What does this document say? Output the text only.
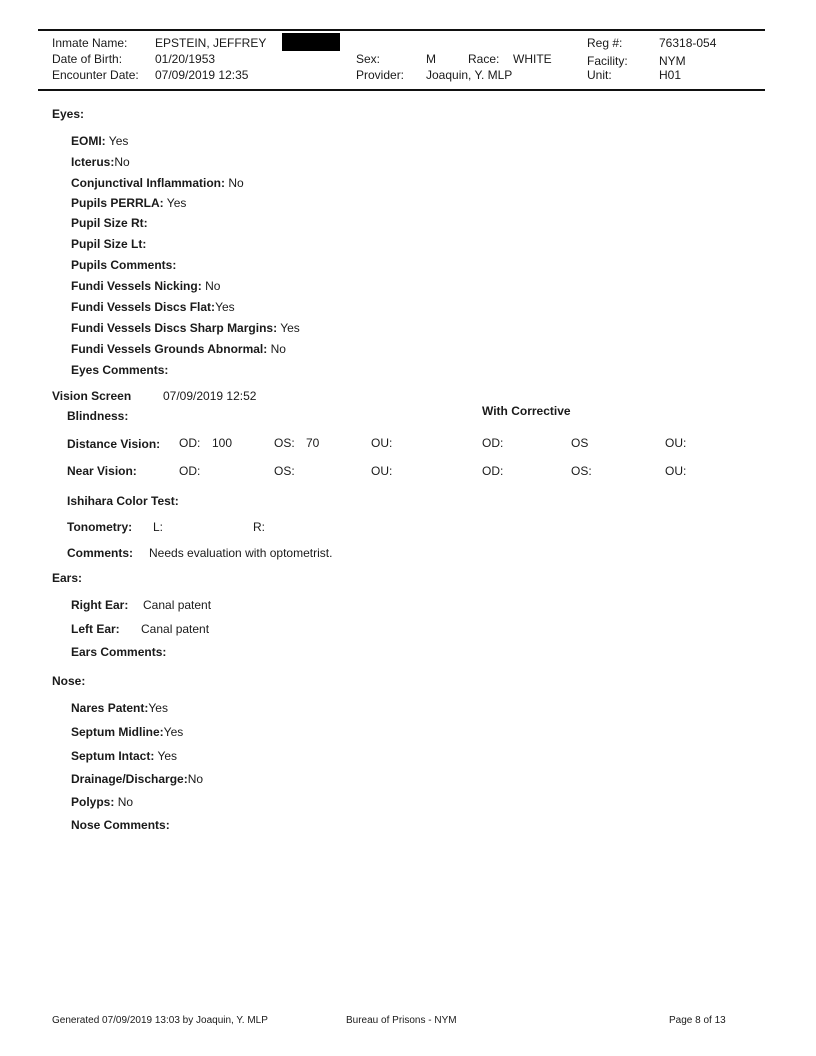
Inmate Name: EPSTEIN, JEFFREY
Date of Birth:	01/20/1953
Encounter Date: 07/09/2019 12:35
Sex:	M	Race: WHITE
Provider: Joaquin, Y. MLP
Reg #:	76318-054
Facility:	NYM
Unit:	H01
Eyes:
EOMI: Yes
Icterus:No
Conjunctival Inflammation: No
Pupils PERRLA: Yes
Pupil Size Rt:
Pupil Size Lt:
Pupils Comments:
Fundi Vessels Nicking: No
Fundi Vessels Discs Flat:Yes
Fundi Vessels Discs Sharp Margins: Yes
Fundi Vessels Grounds Abnormal: No
Eyes Comments:
Vision Screen	07/09/2019 12:52
Blindness:	With Corrective
Distance Vision: OD: 100	OS: 70	OU:	OD:	OS	OU:
Near Vision:	OD:	OS:	OU:	OD:	OS:	OU:
Ishihara Color Test:
Tonometry: L:	R:
Comments: Needs evaluation with optometrist.
Ears:
Right Ear: Canal patent
Left Ear: Canal patent
Ears Comments:
Nose:
Nares Patent:Yes
Septum Midline:Yes
Septum Intact: Yes
Drainage/Discharge:No
Polyps: No
Nose Comments:
Generated 07/09/2019 13:03 by Joaquin, Y. MLP	Bureau of Prisons - NYM	Page 8 of 13
